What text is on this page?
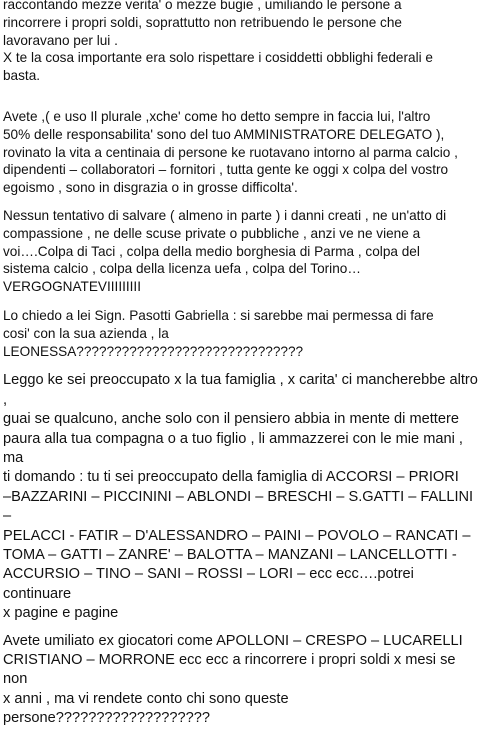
raccontando mezze verita' o mezze bugie , umiliando le persone a
rincorrere i propri soldi, soprattutto non retribuendo le persone che
lavoravano per lui .
X te la cosa importante era solo rispettare i cosiddetti obblighi federali e
basta.

Avete ,( e uso Il plurale ,xche' come ho detto sempre in faccia lui, l'altro
50% delle responsabilita' sono del tuo AMMINISTRATORE DELEGATO ),
rovinato la vita a centinaia di persone ke ruotavano intorno al parma calcio ,
dipendenti – collaboratori – fornitori , tutta gente ke oggi x colpa del vostro
egoismo , sono in disgrazia o in grosse difficolta'.

Nessun tentativo di salvare ( almeno in parte ) i danni creati , ne un'atto di
compassione , ne delle scuse private o pubbliche , anzi ve ne viene a
voi….Colpa di Taci , colpa della medio borghesia di Parma , colpa del
sistema calcio , colpa della licenza uefa , colpa del Torino…
VERGOGNATEVIIIIIIIII

Lo chiedo a lei Sign. Pasotti Gabriella : si sarebbe mai permessa di fare
cosi' con la sua azienda , la
LEONESSA??????????????????????????????

Leggo ke sei preoccupato x la tua famiglia , x carita' ci mancherebbe altro ,
guai se qualcuno, anche solo con il pensiero abbia in mente di mettere
paura alla tua compagna o a tuo figlio , li ammazzerei con le mie mani , ma
ti domando : tu ti sei preoccupato della famiglia di ACCORSI – PRIORI
–BAZZARINI – PICCININI – ABLONDI – BRESCHI – S.GATTI – FALLINI –
PELACCI - FATIR – D'ALESSANDRO – PAINI – POVOLO – RANCATI –
TOMA – GATTI – ZANRE' – BALOTTA – MANZANI – LANCELLOTTI -
ACCURSIO – TINO – SANI – ROSSI – LORI – ecc ecc….potrei continuare
x pagine e pagine

Avete umiliato ex giocatori come APOLLONI – CRESPO – LUCARELLI
CRISTIANO – MORRONE ecc ecc a rincorrere i propri soldi x mesi se non
x anni , ma vi rendete conto chi sono queste persone???????????????????
